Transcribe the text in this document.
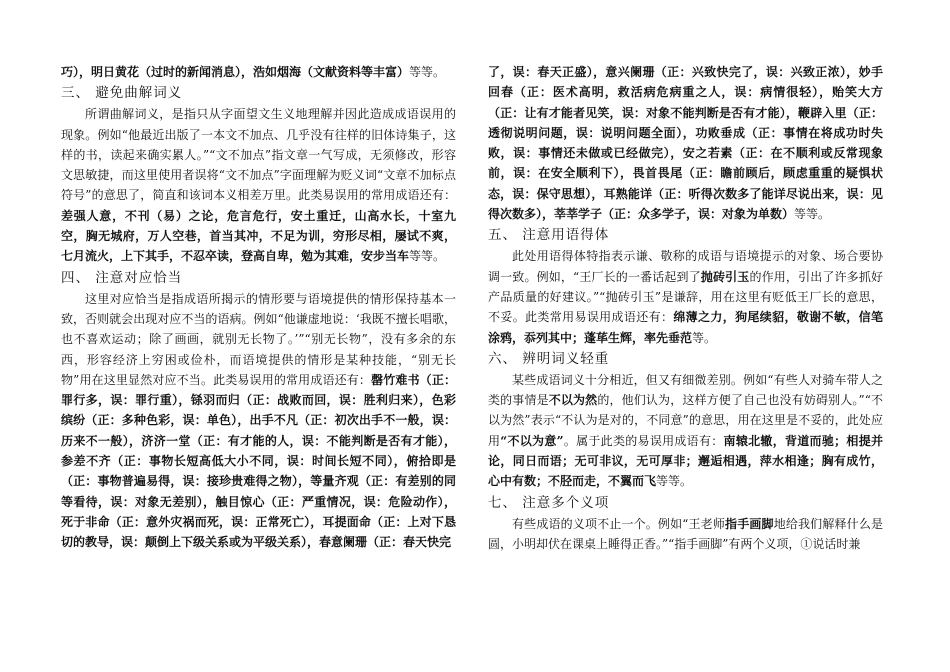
巧），明日黄花（过时的新闻消息），浩如烟海（文献资料等丰富）等等。

三、 避免曲解词义

所谓曲解词义，是指只从字面望文生义地理解并因此造成成语误用的现象。例如“他最近出版了一本文不加点、几乎没有往样的旧体诗集子，这样的书，读起来确实累人。”“文不加点”指文章一气写成，无须修改，形容文思敏捷，而这里使用者误将“文不加点”字面理解为贬义词“文章不加标点符号”的意思了，简直和该词本义相差万里。此类易误用的常用成语还有：差强人意，不刊（易）之论，危言危行，安土重迁，山高水长，十室九空，胸无城府，万人空巷，首当其冲，不足为训，穷形尽相，屡试不爽，七月流火，上下其手，不忍卒读，登高自卑，勉为其难，安步当车等等。

四、 注意对应恰当

这里对应恰当是指成语所揭示的情形要与语境提供的情形保持基本一致，否则就会出现对应不当的语病。例如“他谦虚地说：‘我既不擅长唱歌，也不喜欢运动；除了画画，就别无长物了。’”“别无长物”，没有多余的东西，形容经济上穷困或俭朴，而语境提供的情形是某种技能，“别无长物”用在这里显然对应不当。此类易误用的常用成语还有：罄竹难书（正：罪行多，误：罪行重），铩羽而归（正：战败而回，误：胜利归来），色彩缤纷（正：多种色彩，误：单色），出手不凡（正：初次出手不一般，误：历来不一般），济济一堂（正：有才能的人，误：不能判断是否有才能），参差不齐（正：事物长短高低大小不同，误：时间长短不同），俯拾即是（正：事物普遍易得，误：接珍贵难得之物），等量齐观（正：有差别的同等看待，误：对象无差别），触目惊心（正：严重情况，误：危险动作），死于非命（正：意外灾祸而死，误：正常死亡），耳提面命（正：上对下恳切的教导，误：颠倒上下级关系或为平级关系），春意阑珊（正：春天快完

了，误：春天正盛），意兴阑珊（正：兴致快完了，误：兴致正浓），妙手回春（正：医术高明，救活病危病重之人，误：病情很轻），贻笑大方（正：让有才能者见笑，误：对象不能判断是否有才能），鞭辟入里（正：透彻说明问题，误：说明问题全面），功败垂成（正：事情在将成功时失败，误：事情还未做或已经做完），安之若素（正：在不顺利或反常现象前，误：在安全顺利下），畏首畏尾（正：瞻前顾后，顾虑重重的疑惧状态，误：保守思想），耳熟能详（正：听得次数多了能详尽说出来，误：见得次数多），莘莘学子（正：众多学子，误：对象为单数）等等。

五、 注意用语得体

此处用语得体特指表示谦、敬称的成语与语境提示的对象、场合要协调一致。例如，“王厂长的一番话起到了抛砖引玉的作用，引出了许多抓好产品质量的好建议。”“抛砖引玉”是谦辞，用在这里有贬低王厂长的意思，不妥。此类常用易误用成语还有：绵薄之力，狗尾续貂，敬谢不敏，信笔涂鸦，忝列其中；蓬荜生辉，率先垂范等。

六、 辨明词义轻重

某些成语词义十分相近，但又有细微差别。例如“有些人对骑车带人之类的事情是不以为然的，他们认为，这样方便了自己也没有妨碍别人。”“不以为然”表示“不认为是对的，不同意”的意思，用在这里是不妥的，此处应用“不以为意”。属于此类的易误用成语有：南辕北辙，背道而驰；相提并论，同日而语；无可非议，无可厚非；邂逅相遇，萍水相逢；胸有成竹，心中有数；不胫而走，不翼而飞等等。

七、 注意多个义项

有些成语的义项不止一个。例如“王老师指手画脚地给我们解释什么是圆，小明却伏在课桌上睡得正香。”“指手画脚”有两个义项，①说话时兼
